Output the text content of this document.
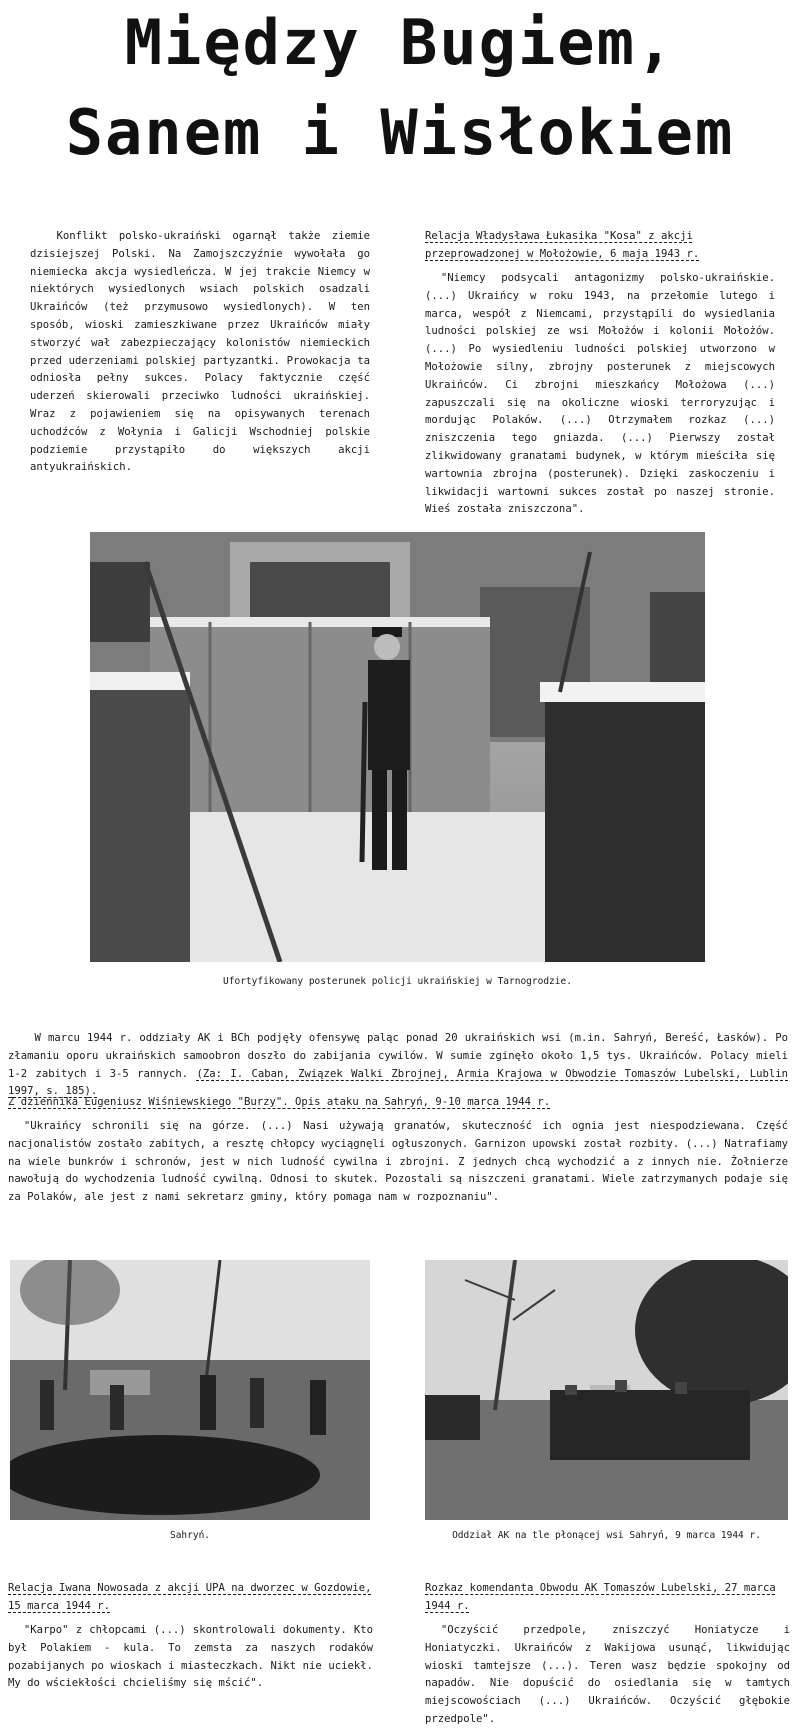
Między Bugiem,
Sanem i Wisłokiem

Konflikt polsko-ukraiński ogarnął także ziemie dzisiejszej Polski. Na Zamojszczyźnie wywołała go niemiecka akcja wysiedleńcza. W jej trakcie Niemcy w niektórych wysiedlonych wsiach polskich osadzali Ukraińców (też przymusowo wysiedlonych). W ten sposób, wioski zamieszkiwane przez Ukraińców miały stworzyć wał zabezpieczający kolonistów niemieckich przed uderzeniami polskiej partyzantki. Prowokacja ta odniosła pełny sukces. Polacy faktycznie część uderzeń skierowali przeciwko ludności ukraińskiej. Wraz z pojawieniem się na opisywanych terenach uchodźców z Wołynia i Galicji Wschodniej polskie podziemie przystąpiło do większych akcji antyukraińskich.

Relacja Władysława Łukasika "Kosa" z akcji przeprowadzonej w Mołożowie, 6 maja 1943 r.

"Niemcy podsycali antagonizmy polsko-ukraińskie. (...) Ukraińcy w roku 1943, na przełomie lutego i marca, wespół z Niemcami, przystąpili do wysiedlania ludności polskiej ze wsi Mołożów i kolonii Mołożów. (...) Po wysiedleniu ludności polskiej utworzono w Mołożowie silny, zbrojny posterunek z miejscowych Ukraińców. Ci zbrojni mieszkańcy Mołożowa (...) zapuszczali się na okoliczne wioski terroryzując i mordując Polaków. (...) Otrzymałem rozkaz (...) zniszczenia tego gniazda. (...) Pierwszy został zlikwidowany granatami budynek, w którym mieściła się wartownia zbrojna (posterunek). Dzięki zaskoczeniu i likwidacji wartowni sukces został po naszej stronie. Wieś została zniszczona".

Ufortyfikowany posterunek policji ukraińskiej w Tarnogrodzie.

W marcu 1944 r. oddziały AK i BCh podjęły ofensywę paląc ponad 20 ukraińskich wsi (m.in. Sahryń, Bereść, Łasków). Po złamaniu oporu ukraińskich samoobron doszło do zabijania cywilów. W sumie zginęło około 1,5 tys. Ukraińców. Polacy mieli 1-2 zabitych i 3-5 rannych. (Za: I. Caban, Związek Walki Zbrojnej, Armia Krajowa w Obwodzie Tomaszów Lubelski, Lublin 1997, s. 185).

Z dziennika Eugeniusz Wiśniewskiego "Burzy". Opis ataku na Sahryń, 9-10 marca 1944 r.

"Ukraińcy schronili się na górze. (...) Nasi używają granatów, skuteczność ich ognia jest niespodziewana. Część nacjonalistów zostało zabitych, a resztę chłopcy wyciągnęli ogłuszonych. Garnizon upowski został rozbity. (...) Natrafiamy na wiele bunkrów i schronów, jest w nich ludność cywilna i zbrojni. Z jednych chcą wychodzić a z innych nie. Żołnierze nawołują do wychodzenia ludność cywilną. Odnosi to skutek. Pozostali są niszczeni granatami. Wiele zatrzymanych podaje się za Polaków, ale jest z nami sekretarz gminy, który pomaga nam w rozpoznaniu".

Sahryń.	Oddział AK na tle płonącej wsi Sahryń, 9 marca 1944 r.

Relacja Iwana Nowosada z akcji UPA na dworzec w Gozdowie, 15 marca 1944 r.

"Karpo" z chłopcami (...) skontrolowali dokumenty. Kto był Polakiem - kula. To zemsta za naszych rodaków pozabijanych po wioskach i miasteczkach. Nikt nie uciekł. My do wściekłości chcieliśmy się mścić".

Rozkaz komendanta Obwodu AK Tomaszów Lubelski, 27 marca 1944 r.

"Oczyścić przedpole, zniszczyć Honiatycze i Honiatyczki. Ukraińców z Wakijowa usunąć, likwidując wioski tamtejsze (...). Teren wasz będzie spokojny od napadów. Nie dopuścić do osiedlania się w tamtych miejscowościach (...) Ukraińców. Oczyścić głębokie przedpole".
